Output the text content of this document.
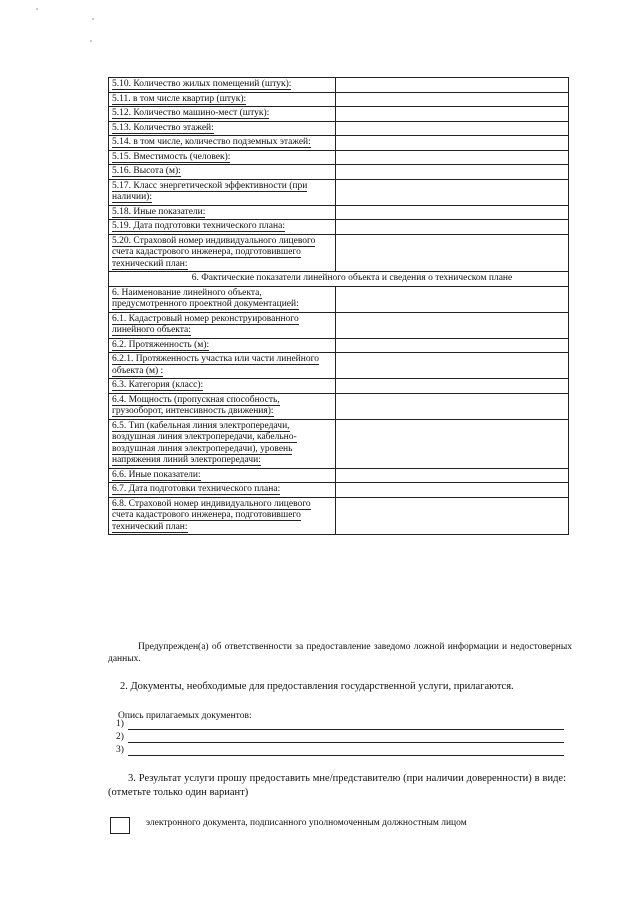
5.10. Количество жилых помещений (штук):	
5.11. в том числе квартир (штук):	
5.12. Количество машино-мест (штук):	
5.13. Количество этажей:	
5.14. в том числе, количество подземных этажей:	
5.15. Вместимость (человек):	
5.16. Высота (м):	
5.17. Класс энергетической эффективности (при наличии):	
5.18. Иные показатели:	
5.19. Дата подготовки технического плана:	
5.20. Страховой номер индивидуального лицевого счета кадастрового инженера, подготовившего технический план:	
6. Фактические показатели линейного объекта и сведения о техническом плане	
6. Наименование линейного объекта, предусмотренного проектной документацией:	
6.1. Кадастровый номер реконструированного линейного объекта:	
6.2. Протяженность (м):	
6.2.1. Протяженность участка или части линейного объекта (м) :	
6.3. Категория (класс):	
6.4. Мощность (пропускная способность, грузооборот, интенсивность движения):	
6.5. Тип (кабельная линия электропередачи, воздушная линия электропередачи, кабельно-воздушная линия электропередачи), уровень напряжения линий электропередачи:	
6.6. Иные показатели:	
6.7. Дата подготовки технического плана:	
6.8. Страховой номер индивидуального лицевого счета кадастрового инженера, подготовившего технический план:	
Предупрежден(а) об ответственности за предоставление заведомо ложной информации и недостоверных данных.
2. Документы, необходимые для предоставления государственной услуги, прилагаются.
Опись прилагаемых документов:
1)
2)
3)
3. Результат услуги прошу предоставить мне/представителю (при наличии доверенности) в виде: (отметьте только один вариант)
электронного документа, подписанного уполномоченным должностным лицом
